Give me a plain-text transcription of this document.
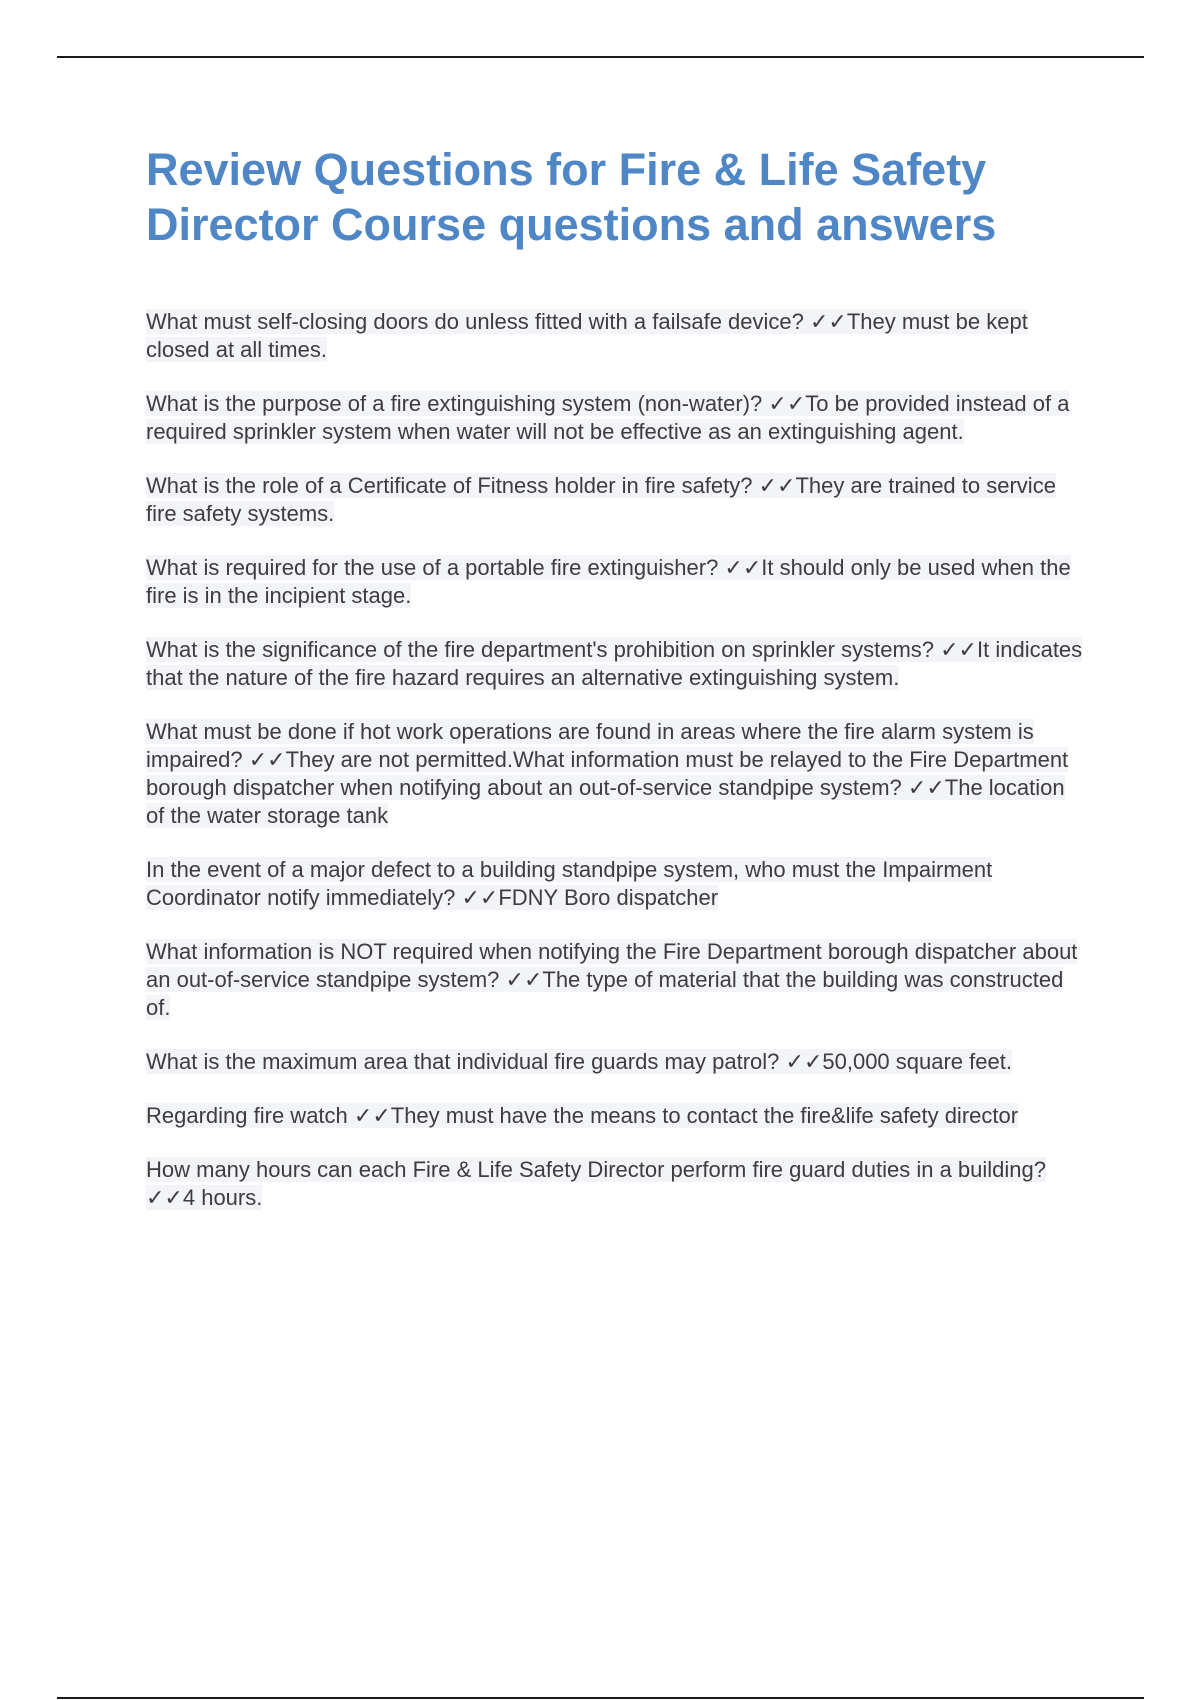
Review Questions for Fire & Life Safety Director Course questions and answers

What must self-closing doors do unless fitted with a failsafe device? ✓✓They must be kept closed at all times.

What is the purpose of a fire extinguishing system (non-water)? ✓✓To be provided instead of a required sprinkler system when water will not be effective as an extinguishing agent.

What is the role of a Certificate of Fitness holder in fire safety? ✓✓They are trained to service fire safety systems.

What is required for the use of a portable fire extinguisher? ✓✓It should only be used when the fire is in the incipient stage.

What is the significance of the fire department's prohibition on sprinkler systems? ✓✓It indicates that the nature of the fire hazard requires an alternative extinguishing system.

What must be done if hot work operations are found in areas where the fire alarm system is impaired? ✓✓They are not permitted.What information must be relayed to the Fire Department borough dispatcher when notifying about an out-of-service standpipe system? ✓✓The location of the water storage tank

In the event of a major defect to a building standpipe system, who must the Impairment Coordinator notify immediately? ✓✓FDNY Boro dispatcher

What information is NOT required when notifying the Fire Department borough dispatcher about an out-of-service standpipe system? ✓✓The type of material that the building was constructed of.

What is the maximum area that individual fire guards may patrol? ✓✓50,000 square feet.

Regarding fire watch ✓✓They must have the means to contact the fire&life safety director

How many hours can each Fire & Life Safety Director perform fire guard duties in a building? ✓✓4 hours.
